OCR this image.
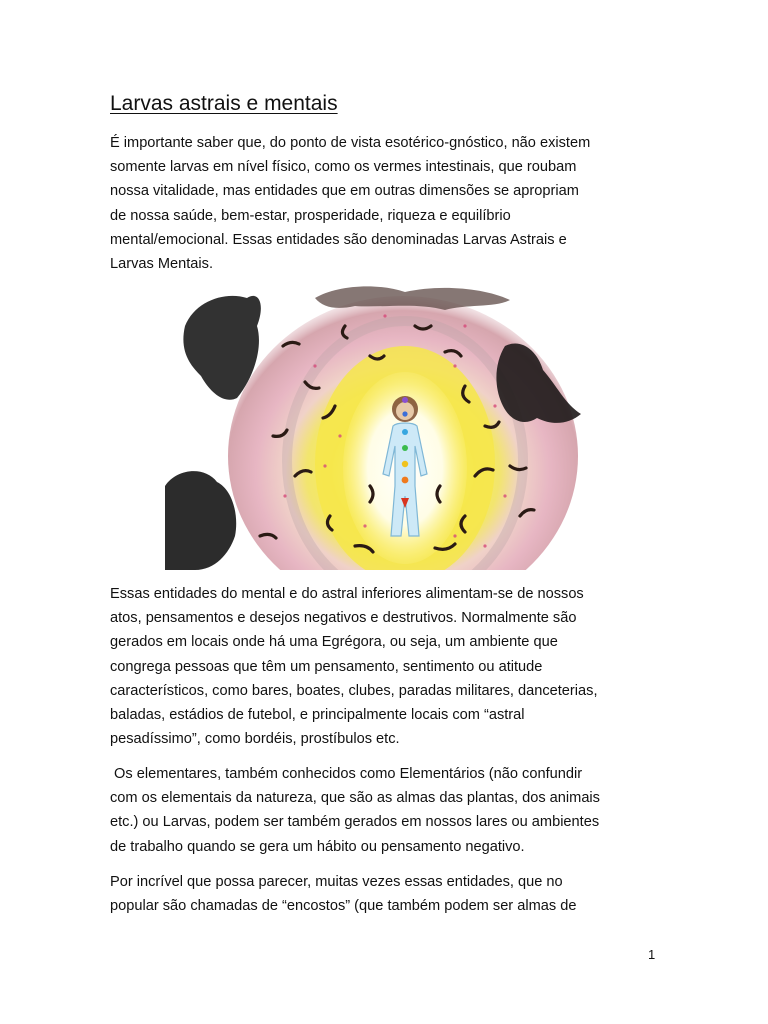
Larvas astrais e mentais
É importante saber que, do ponto de vista esotérico-gnóstico, não existem
somente larvas em nível físico, como os vermes intestinais, que roubam
nossa vitalidade, mas entidades que em outras dimensões se apropriam
de nossa saúde, bem-estar, prosperidade, riqueza e equilíbrio
mental/emocional. Essas entidades são denominadas Larvas Astrais e
Larvas Mentais.
Essas entidades do mental e do astral inferiores alimentam-se de nossos
atos, pensamentos e desejos negativos e destrutivos. Normalmente são
gerados em locais onde há uma Egrégora, ou seja, um ambiente que
congrega pessoas que têm um pensamento, sentimento ou atitude
característicos, como bares, boates, clubes, paradas militares, danceterias,
baladas, estádios de futebol, e principalmente locais com “astral
pesadíssimo”, como bordéis, prostíbulos etc.
Os elementares, também conhecidos como Elementários (não confundir
com os elementais da natureza, que são as almas das plantas, dos animais
etc.) ou Larvas, podem ser também gerados em nossos lares ou ambientes
de trabalho quando se gera um hábito ou pensamento negativo.
Por incrível que possa parecer, muitas vezes essas entidades, que no
popular são chamadas de “encostos” (que também podem ser almas de
1
